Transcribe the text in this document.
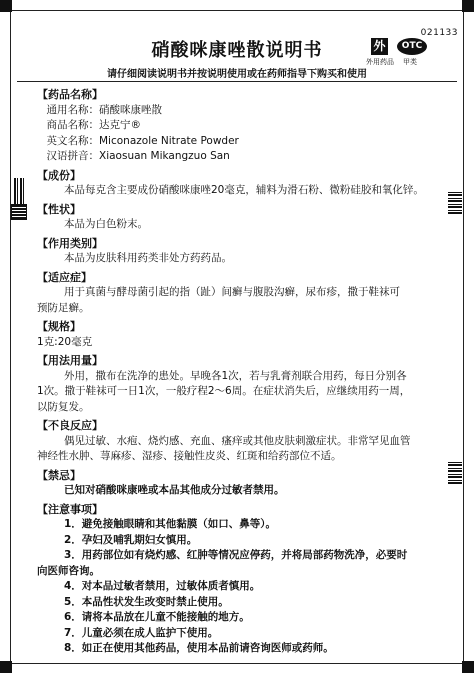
021133
外	OTC
外用药品 甲类
硝酸咪康唑散说明书
请仔细阅读说明书并按说明使用或在药师指导下购买和使用
【药品名称】
通用名称： 硝酸咪康唑散
商品名称： 达克宁®
英文名称： Miconazole Nitrate Powder
汉语拼音： Xiaosuan Mikangzuo San
【成份】
本品每克含主要成份硝酸咪康唑20毫克，辅料为滑石粉、微粉硅胶和氧化锌。
【性状】
本品为白色粉末。
【作用类别】
本品为皮肤科用药类非处方药药品。
【适应症】
用于真菌与酵母菌引起的指（趾）间癣与腹股沟癣，尿布疹，撒于鞋袜可
预防足癣。
【规格】
1克:20毫克
【用法用量】
外用，撒布在洗净的患处。早晚各1次，若与乳膏剂联合用药，每日分别各
1次。撒于鞋袜可一日1次，一般疗程2～6周。在症状消失后，应继续用药一周，
以防复发。
【不良反应】
偶见过敏、水疱、烧灼感、充血、瘙痒或其他皮肤刺激症状。非常罕见血管
神经性水肿、荨麻疹、湿疹、接触性皮炎、红斑和给药部位不适。
【禁忌】
已知对硝酸咪康唑或本品其他成分过敏者禁用。
【注意事项】
1．避免接触眼睛和其他黏膜（如口、鼻等）。
2．孕妇及哺乳期妇女慎用。
3．用药部位如有烧灼感、红肿等情况应停药，并将局部药物洗净，必要时
向医师咨询。
4．对本品过敏者禁用，过敏体质者慎用。
5．本品性状发生改变时禁止使用。
6．请将本品放在儿童不能接触的地方。
7．儿童必须在成人监护下使用。
8．如正在使用其他药品，使用本品前请咨询医师或药师。
